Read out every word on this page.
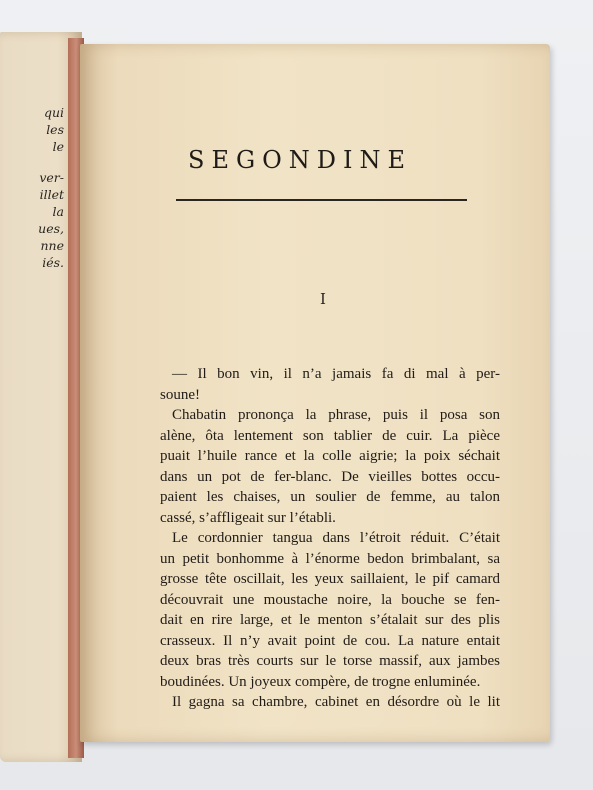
qui
les
le
ver-
illet
la
ues,
nne
iés.
SEGONDINE
I
— Il bon vin, il n’a jamais fa di mal à per-
soune!
Chabatin prononça la phrase, puis il posa son
alène, ôta lentement son tablier de cuir. La pièce
puait l’huile rance et la colle aigrie; la poix séchait
dans un pot de fer-blanc. De vieilles bottes occu-
paient les chaises, un soulier de femme, au talon
cassé, s’affligeait sur l’établi.
Le cordonnier tangua dans l’étroit réduit. C’était
un petit bonhomme à l’énorme bedon brimbalant, sa
grosse tête oscillait, les yeux saillaient, le pif camard
découvrait une moustache noire, la bouche se fen-
dait en rire large, et le menton s’étalait sur des plis
crasseux. Il n’y avait point de cou. La nature entait
deux bras très courts sur le torse massif, aux jambes
boudinées. Un joyeux compère, de trogne enluminée.
Il gagna sa chambre, cabinet en désordre où le lit
